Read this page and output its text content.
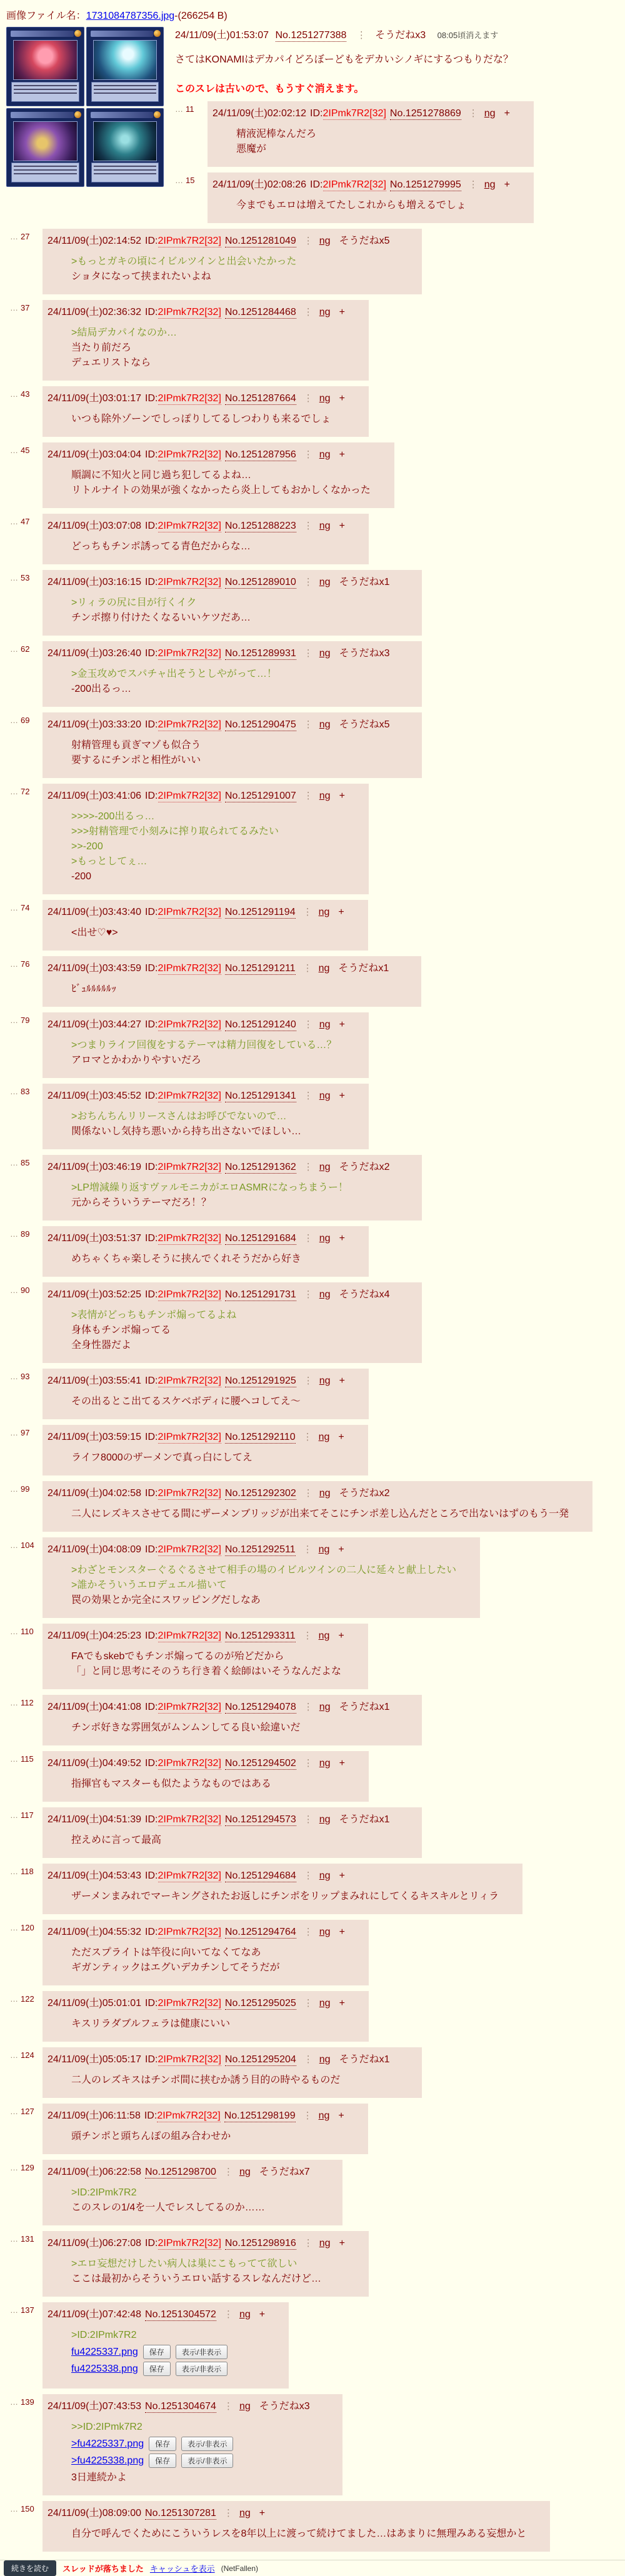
画像ファイル名：1731084787356.jpg-(266254 B)
24/11/09(土)01:53:07 No.1251277388 ⋮ そうだねx3 08:05頃消えます
さてはKONAMIはデカパイどろぼーどもをデカいシノギにするつもりだな？
このスレは古いので、もうすぐ消えます。
… 11	24/11/09(土)02:02:12 ID:2IPmk7R2[32] No.1251278869 ⋮ ng +
精液泥棒なんだろ
悪魔が
… 15	24/11/09(土)02:08:26 ID:2IPmk7R2[32] No.1251279995 ⋮ ng +
今までもエロは増えてたしこれからも増えるでしょ
… 27	24/11/09(土)02:14:52 ID:2IPmk7R2[32] No.1251281049 ⋮ ng そうだねx5
>もっとガキの頃にイビルツインと出会いたかった
ショタになって挟まれたいよね
… 37	24/11/09(土)02:36:32 ID:2IPmk7R2[32] No.1251284468 ⋮ ng +
>結局デカパイなのか…
当たり前だろ
デュエリストなら
… 43	24/11/09(土)03:01:17 ID:2IPmk7R2[32] No.1251287664 ⋮ ng +
いつも除外ゾーンでしっぽりしてるしつわりも来るでしょ
… 45	24/11/09(土)03:04:04 ID:2IPmk7R2[32] No.1251287956 ⋮ ng +
順調に不知火と同じ過ち犯してるよね…
リトルナイトの効果が強くなかったら炎上してもおかしくなかった
… 47	24/11/09(土)03:07:08 ID:2IPmk7R2[32] No.1251288223 ⋮ ng +
どっちもチンポ誘ってる青色だからな…
… 53	24/11/09(土)03:16:15 ID:2IPmk7R2[32] No.1251289010 ⋮ ng そうだねx1
>リィラの尻に目が行くイク
チンポ擦り付けたくなるいいケツだあ…
… 62	24/11/09(土)03:26:40 ID:2IPmk7R2[32] No.1251289931 ⋮ ng そうだねx3
>金玉攻めでスパチャ出そうとしやがって…！
-200出るっ…
… 69	24/11/09(土)03:33:20 ID:2IPmk7R2[32] No.1251290475 ⋮ ng そうだねx5
射精管理も貢ぎマゾも似合う
要するにチンポと相性がいい
… 72	24/11/09(土)03:41:06 ID:2IPmk7R2[32] No.1251291007 ⋮ ng +
>>>>-200出るっ…
>>>射精管理で小刻みに搾り取られてるみたい
>>-200
>もっとしてぇ…
-200
… 74	24/11/09(土)03:43:40 ID:2IPmk7R2[32] No.1251291194 ⋮ ng +
<出せ♡♥>
… 76	24/11/09(土)03:43:59 ID:2IPmk7R2[32] No.1251291211 ⋮ ng そうだねx1
ﾋﾞｭﾙﾙﾙﾙﾙｯ
… 79	24/11/09(土)03:44:27 ID:2IPmk7R2[32] No.1251291240 ⋮ ng +
>つまりライフ回復をするテーマは精力回復をしている…？
アロマとかわかりやすいだろ
… 83	24/11/09(土)03:45:52 ID:2IPmk7R2[32] No.1251291341 ⋮ ng +
>おちんちんリリースさんはお呼びでないので…
関係ないし気持ち悪いから持ち出さないでほしい…
… 85	24/11/09(土)03:46:19 ID:2IPmk7R2[32] No.1251291362 ⋮ ng そうだねx2
>LP増減繰り返すヴァルモニカがエロASMRになっちまうー！
元からそういうテーマだろ！？
… 89	24/11/09(土)03:51:37 ID:2IPmk7R2[32] No.1251291684 ⋮ ng +
めちゃくちゃ楽しそうに挟んでくれそうだから好き
… 90	24/11/09(土)03:52:25 ID:2IPmk7R2[32] No.1251291731 ⋮ ng そうだねx4
>表情がどっちもチンポ煽ってるよね
身体もチンポ煽ってる
全身性器だよ
… 93	24/11/09(土)03:55:41 ID:2IPmk7R2[32] No.1251291925 ⋮ ng +
その出るとこ出てるスケベボディに腰ヘコしてえ～
… 97	24/11/09(土)03:59:15 ID:2IPmk7R2[32] No.1251292110 ⋮ ng +
ライフ8000のザーメンで真っ白にしてえ
… 99	24/11/09(土)04:02:58 ID:2IPmk7R2[32] No.1251292302 ⋮ ng そうだねx2
二人にレズキスさせてる間にザーメンブリッジが出来てそこにチンポ差し込んだところで出ないはずのもう一発
… 104	24/11/09(土)04:08:09 ID:2IPmk7R2[32] No.1251292511 ⋮ ng +
>わざとモンスターぐるぐるさせて相手の場のイビルツインの二人に延々と献上したい
>誰かそういうエロデュエル描いて
罠の効果とか完全にスワッピングだしなあ
… 110	24/11/09(土)04:25:23 ID:2IPmk7R2[32] No.1251293311 ⋮ ng +
FAでもskebでもチンポ煽ってるのが殆どだから
「」と同じ思考にそのうち行き着く絵師はいそうなんだよな
… 112	24/11/09(土)04:41:08 ID:2IPmk7R2[32] No.1251294078 ⋮ ng そうだねx1
チンポ好きな雰囲気がムンムンしてる良い絵違いだ
… 115	24/11/09(土)04:49:52 ID:2IPmk7R2[32] No.1251294502 ⋮ ng +
指揮官もマスターも似たようなものではある
… 117	24/11/09(土)04:51:39 ID:2IPmk7R2[32] No.1251294573 ⋮ ng そうだねx1
控えめに言って最高
… 118	24/11/09(土)04:53:43 ID:2IPmk7R2[32] No.1251294684 ⋮ ng +
ザーメンまみれでマーキングされたお返しにチンポをリップまみれにしてくるキスキルとリィラ
… 120	24/11/09(土)04:55:32 ID:2IPmk7R2[32] No.1251294764 ⋮ ng +
ただスプライトは竿役に向いてなくてなあ
ギガンティックはエグいデカチンしてそうだが
… 122	24/11/09(土)05:01:01 ID:2IPmk7R2[32] No.1251295025 ⋮ ng +
キスリラダブルフェラは健康にいい
… 124	24/11/09(土)05:05:17 ID:2IPmk7R2[32] No.1251295204 ⋮ ng そうだねx1
二人のレズキスはチンポ間に挟むか誘う目的の時やるものだ
… 127	24/11/09(土)06:11:58 ID:2IPmk7R2[32] No.1251298199 ⋮ ng +
頭チンポと頭ちんぽの組み合わせか
… 129	24/11/09(土)06:22:58 No.1251298700 ⋮ ng そうだねx7
>ID:2IPmk7R2
このスレの1/4を一人でレスしてるのか……
… 131	24/11/09(土)06:27:08 ID:2IPmk7R2[32] No.1251298916 ⋮ ng +
>エロ妄想だけしたい病人は巣にこもってて欲しい
ここは最初からそういうエロい話するスレなんだけど…
… 137	24/11/09(土)07:42:48 No.1251304572 ⋮ ng +
>ID:2IPmk7R2
fu4225337.png 保存 表示/非表示
fu4225338.png 保存 表示/非表示
… 139	24/11/09(土)07:43:53 No.1251304674 ⋮ ng そうだねx3
>>ID:2IPmk7R2
>fu4225337.png 保存 表示/非表示
>fu4225338.png 保存 表示/非表示
3日連続かよ
… 150	24/11/09(土)08:09:00 No.1251307281 ⋮ ng +
自分で呼んでくためにこういうレスを8年以上に渡って続けてました…はあまりに無理みある妄想かと
続きを読む	スレッドが落ちました キャッシュを表示 (NetFallen)
